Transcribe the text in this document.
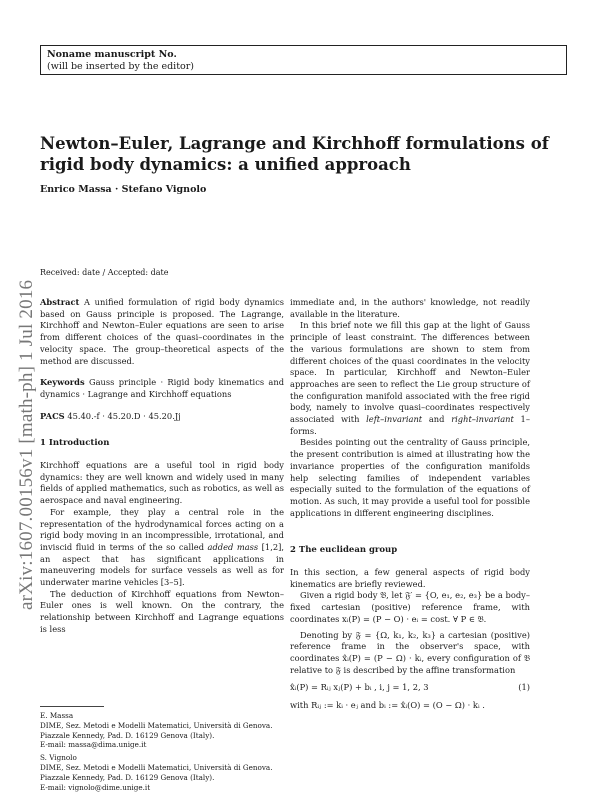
Noname manuscript No.
(will be inserted by the editor)
Newton–Euler, Lagrange and Kirchhoff formulations of rigid body dynamics: a unified approach
Enrico Massa · Stefano Vignolo
arXiv:1607.00156v1 [math-ph] 1 Jul 2016
Received: date / Accepted: date

Abstract A unified formulation of rigid body dynamics based on Gauss principle is proposed. The Lagrange, Kirchhoff and Newton–Euler equations are seen to arise from different choices of the quasi–coordinates in the velocity space. The group–theoretical aspects of the method are discussed.

Keywords Gauss principle · Rigid body kinematics and dynamics · Lagrange and Kirchhoff equations

PACS 45.40.-f · 45.20.D · 45.20.Jj

1 Introduction

Kirchhoff equations are a useful tool in rigid body dynamics: they are well known and widely used in many fields of applied mathematics, such as robotics, as well as aerospace and naval engineering.

For example, they play a central role in the representation of the hydrodynamical forces acting on a rigid body moving in an incompressible, irrotational, and inviscid fluid in terms of the so called added mass [1,2], an aspect that has significant applications in maneuvering models for surface vessels as well as for underwater marine vehicles [3–5].

The deduction of Kirchhoff equations from Newton–Euler ones is well known. On the contrary, the relationship between Kirchhoff and Lagrange equations is less

immediate and, in the authors' knowledge, not readily available in the literature.

In this brief note we fill this gap at the light of Gauss principle of least constraint. The differences between the various formulations are shown to stem from different choices of the quasi coordinates in the velocity space. In particular, Kirchhoff and Newton–Euler approaches are seen to reflect the Lie group structure of the configuration manifold associated with the free rigid body, namely to involve quasi–coordinates respectively associated with left–invariant and right–invariant 1–forms.

Besides pointing out the centrality of Gauss principle, the present contribution is aimed at illustrating how the invariance properties of the configuration manifolds help selecting families of independent variables especially suited to the formulation of the equations of motion. As such, it may provide a useful tool for possible applications in different engineering disciplines.

2 The euclidean group

In this section, a few general aspects of rigid body kinematics are briefly reviewed.

Given a rigid body 𝔅, let 𝔉′ = {O, e₁, e₂, e₃} be a body–fixed cartesian (positive) reference frame, with coordinates xᵢ(P) = (P − O) · eᵢ = cost. ∀ P ∈ 𝔅.

Denoting by 𝔉 = {Ω, k₁, k₂, k₃} a cartesian (positive) reference frame in the observer's space, with coordinates x̂ᵢ(P) = (P − Ω) · kᵢ, every configuration of 𝔅 relative to 𝔉 is described by the affine transformation

x̂ᵢ(P) = Rᵢⱼ xⱼ(P) + bᵢ , i, j = 1, 2, 3	(1)

with Rᵢⱼ := kᵢ · eⱼ and bᵢ := x̂ᵢ(O) = (O − Ω) · kᵢ .

E. Massa
DIME, Sez. Metodi e Modelli Matematici, Università di Genova. Piazzale Kennedy, Pad. D. 16129 Genova (Italy).
E-mail: massa@dima.unige.it

S. Vignolo
DIME, Sez. Metodi e Modelli Matematici, Università di Genova. Piazzale Kennedy, Pad. D. 16129 Genova (Italy).
E-mail: vignolo@dime.unige.it
